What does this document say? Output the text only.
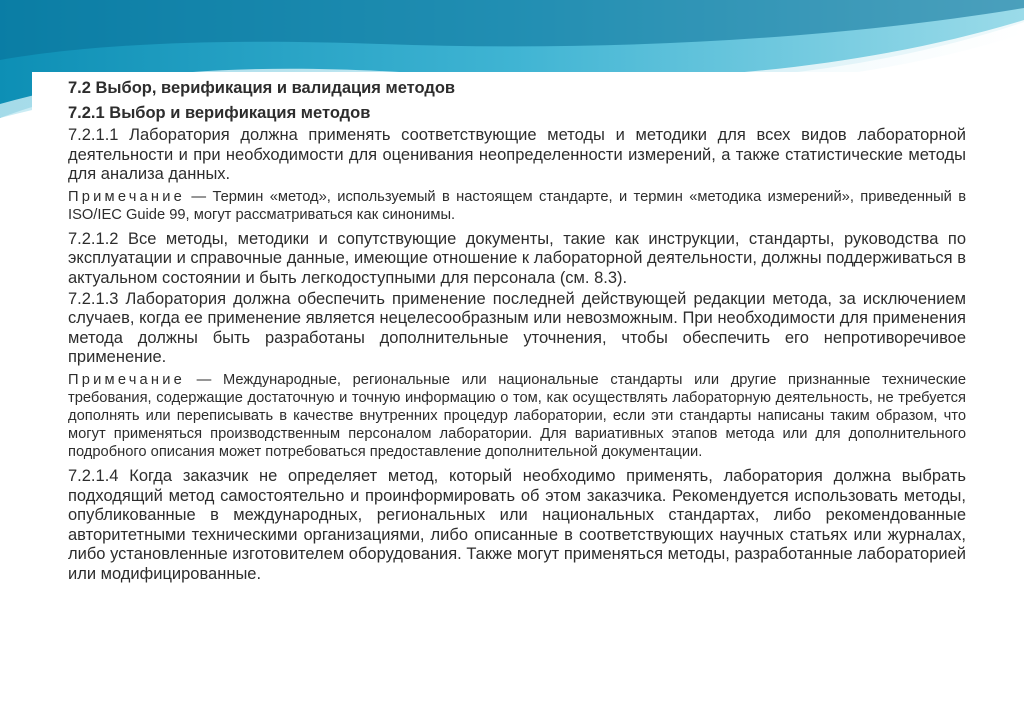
7.2 Выбор, верификация и валидация методов
7.2.1 Выбор и верификация методов
7.2.1.1 Лаборатория должна применять соответствующие методы и методики для всех видов лабораторной деятельности и при необходимости для оценивания неопределенности измерений, а также статистические методы для анализа данных.
Примечание — Термин «метод», используемый в настоящем стандарте, и термин «методика измерений», приведенный в ISO/IEC Guide 99, могут рассматриваться как синонимы.
7.2.1.2 Все методы, методики и сопутствующие документы, такие как инструкции, стандарты, руководства по эксплуатации и справочные данные, имеющие отношение к лабораторной деятельности, должны поддерживаться в актуальном состоянии и быть легкодоступными для персонала (см. 8.3).
7.2.1.3 Лаборатория должна обеспечить применение последней действующей редакции метода, за исключением случаев, когда ее применение является нецелесообразным или невозможным. При необходимости для применения метода должны быть разработаны дополнительные уточнения, чтобы обеспечить его непротиворечивое применение.
Примечание — Международные, региональные или национальные стандарты или другие признанные технические требования, содержащие достаточную и точную информацию о том, как осуществлять лабораторную деятельность, не требуется дополнять или переписывать в качестве внутренних процедур лаборатории, если эти стандарты написаны таким образом, что могут применяться производственным персоналом лаборатории. Для вариативных этапов метода или для дополнительного подробного описания может потребоваться предоставление дополнительной документации.
7.2.1.4 Когда заказчик не определяет метод, который необходимо применять, лаборатория должна выбрать подходящий метод самостоятельно и проинформировать об этом заказчика. Рекомендуется использовать методы, опубликованные в международных, региональных или национальных стандартах, либо рекомендованные авторитетными техническими организациями, либо описанные в соответствующих научных статьях или журналах, либо установленные изготовителем оборудования. Также могут применяться методы, разработанные лабораторией или модифицированные.
